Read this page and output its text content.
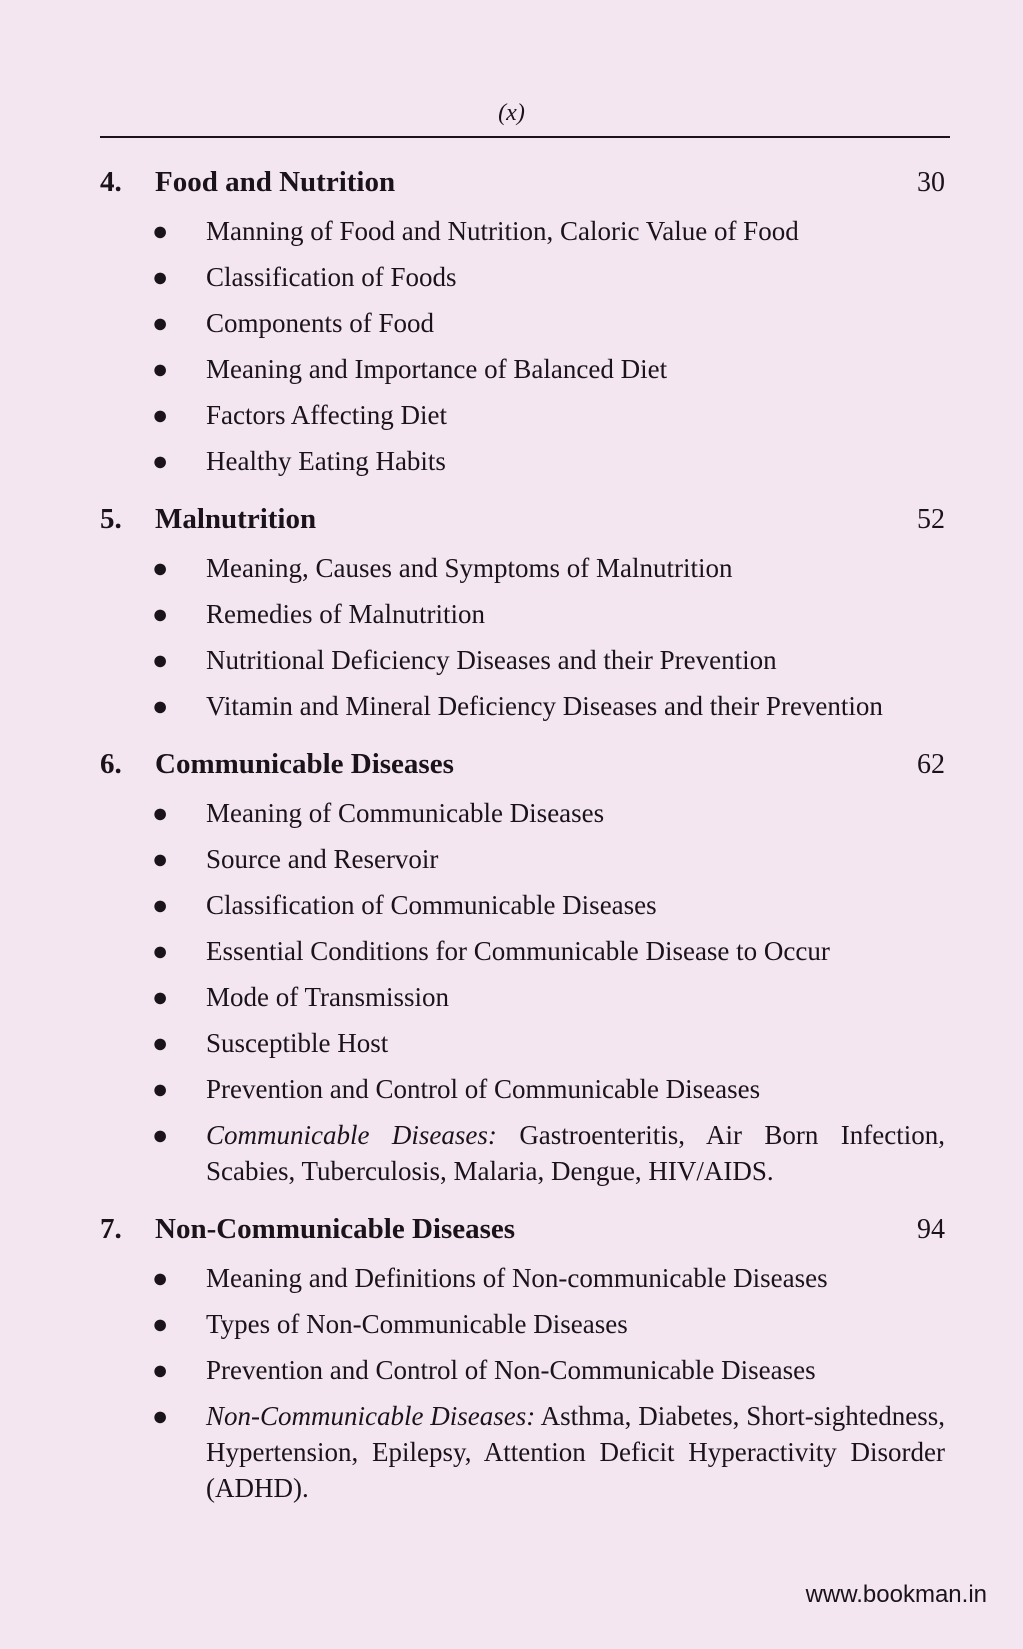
(x)
4. Food and Nutrition	30
● Manning of Food and Nutrition, Caloric Value of Food
● Classification of Foods
● Components of Food
● Meaning and Importance of Balanced Diet
● Factors Affecting Diet
● Healthy Eating Habits
5. Malnutrition	52
● Meaning, Causes and Symptoms of Malnutrition
● Remedies of Malnutrition
● Nutritional Deficiency Diseases and their Prevention
● Vitamin and Mineral Deficiency Diseases and their Prevention
6. Communicable Diseases	62
● Meaning of Communicable Diseases
● Source and Reservoir
● Classification of Communicable Diseases
● Essential Conditions for Communicable Disease to Occur
● Mode of Transmission
● Susceptible Host
● Prevention and Control of Communicable Diseases
● Communicable Diseases: Gastroenteritis, Air Born Infection, Scabies, Tuberculosis, Malaria, Dengue, HIV/AIDS.
7. Non-Communicable Diseases	94
● Meaning and Definitions of Non-communicable Diseases
● Types of Non-Communicable Diseases
● Prevention and Control of Non-Communicable Diseases
● Non-Communicable Diseases: Asthma, Diabetes, Short-sightedness, Hypertension, Epilepsy, Attention Deficit Hyperactivity Disorder (ADHD).
www.bookman.in
